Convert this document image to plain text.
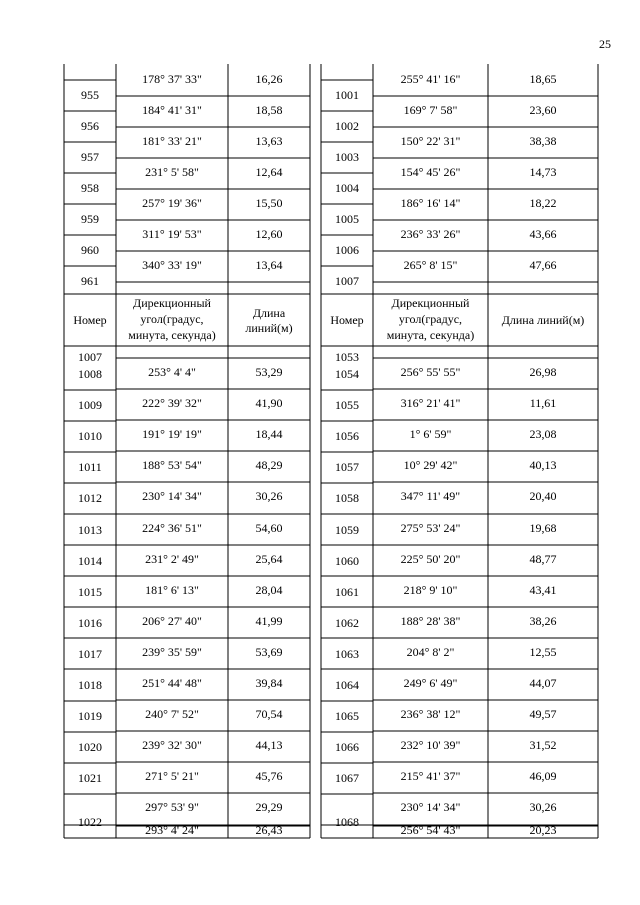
25
955
956
957
958
959
960
961
178° 37' 33"
184° 41' 31"
181° 33' 21"
231° 5' 58"
257° 19' 36"
311° 19' 53"
340° 33' 19"
16,26
18,58
13,63
12,64
15,50
12,60
13,64
1001
1002
1003
1004
1005
1006
1007
255° 41' 16"
169° 7' 58"
150° 22' 31"
154° 45' 26"
186° 16' 14"
236° 33' 26"
265° 8' 15"
18,65
23,60
38,38
14,73
18,22
43,66
47,66
Номер
Дирекционный
угол(градус,
минута, секунда)
Длина
линий(м)
Номер
Дирекционный
угол(градус,
минута, секунда)
Длина линий(м)
1007
1008
1009
1010
1011
1012
1013
1014
1015
1016
1017
1018
1019
1020
1021
1022
253° 4' 4"
222° 39' 32"
191° 19' 19"
188° 53' 54"
230° 14' 34"
224° 36' 51"
231° 2' 49"
181° 6' 13"
206° 27' 40"
239° 35' 59"
251° 44' 48"
240° 7' 52"
239° 32' 30"
271° 5' 21"
297° 53' 9"
293° 4' 24"
53,29
41,90
18,44
48,29
30,26
54,60
25,64
28,04
41,99
53,69
39,84
70,54
44,13
45,76
29,29
26,43
1053
1054
1055
1056
1057
1058
1059
1060
1061
1062
1063
1064
1065
1066
1067
1068
256° 55' 55"
316° 21' 41"
1° 6' 59"
10° 29' 42"
347° 11' 49"
275° 53' 24"
225° 50' 20"
218° 9' 10"
188° 28' 38"
204° 8' 2"
249° 6' 49"
236° 38' 12"
232° 10' 39"
215° 41' 37"
230° 14' 34"
256° 54' 43"
26,98
11,61
23,08
40,13
20,40
19,68
48,77
43,41
38,26
12,55
44,07
49,57
31,52
46,09
30,26
20,23
